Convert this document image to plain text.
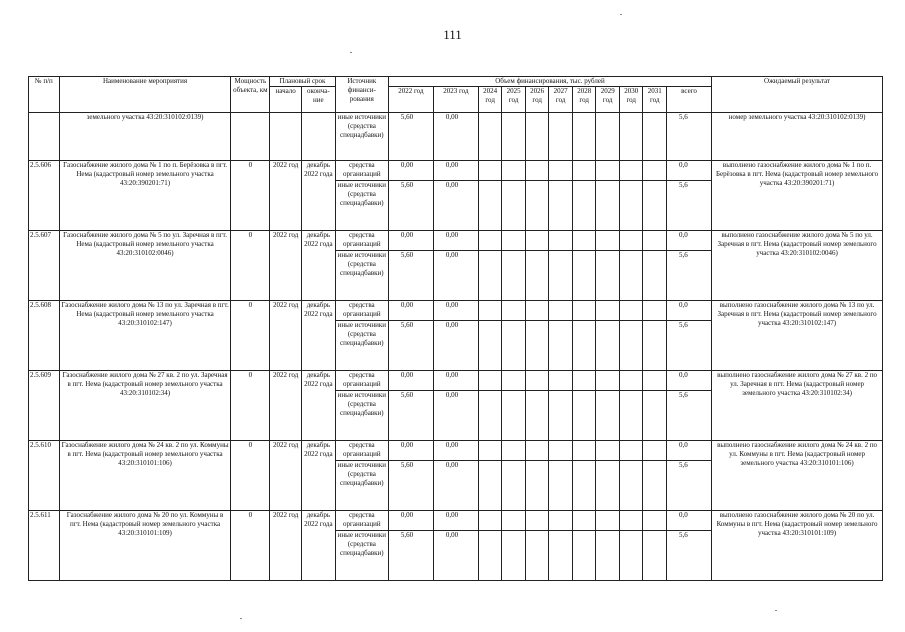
111
№ п/п	Наименование мероприятия	Мощность объекта, км	Плановый срок		Источник финанси-рования	Объем финансирования, тыс. рублей											Ожидаемый результат
			начало	оконча-ние		2022 год	2023 год	2024 год	2025 год	2026 год	2027 год	2028 год	2029 год	2030 год	2031 год	всего	
	земельного участка 43:20:310102:0139)				иные источники (средства спецнадбавки)	5,60	0,00									5,6	номер земельного участка 43:20:310102:0139)
2.5.606	Газоснабжение жилого дома № 1 по п. Берёзовка в пгт. Нема (кадастровый номер земельного участка 43:20:390201:71)	0	2022 год	декабрь 2022 года	средства организаций	0,00	0,00									0,0	выполнено газоснабжение жилого дома № 1 по п. Берёзовка в пгт. Нема (кадастровый номер земельного участка 43:20:390201:71)
					иные источники (средства спецнадбавки)	5,60	0,00									5,6	
2.5.607	Газоснабжение жилого дома № 5 по ул. Заречная в пгт. Нема (кадастровый номер земельного участка 43:20:310102:0046)	0	2022 год	декабрь 2022 года	средства организаций	0,00	0,00									0,0	выполнено газоснабжение жилого дома № 5 по ул. Заречная в пгт. Нема (кадастровый номер земельного участка 43:20:310102:0046)
					иные источники (средства спецнадбавки)	5,60	0,00									5,6	
2.5.608	Газоснабжение жилого дома № 13 по ул. Заречная в пгт. Нема (кадастровый номер земельного участка 43:20:310102:147)	0	2022 год	декабрь 2022 года	средства организаций	0,00	0,00									0,0	выполнено газоснабжение жилого дома № 13 по ул. Заречная в пгт. Нема (кадастровый номер земельного участка 43:20:310102:147)
					иные источники (средства спецнадбавки)	5,60	0,00									5,6	
2.5.609	Газоснабжение жилого дома № 27 кв. 2 по ул. Заречная в пгт. Нема (кадастровый номер земельного участка 43:20:310102:34)	0	2022 год	декабрь 2022 года	средства организаций	0,00	0,00									0,0	выполнено газоснабжение жилого дома № 27 кв. 2 по ул. Заречная в пгт. Нема (кадастровый номер земельного участка 43:20:310102:34)
					иные источники (средства спецнадбавки)	5,60	0,00									5,6	
2.5.610	Газоснабжение жилого дома № 24 кв. 2 по ул. Коммуны в пгт. Нема (кадастровый номер земельного участка 43:20:310101:106)	0	2022 год	декабрь 2022 года	средства организаций	0,00	0,00									0,0	выполнено газоснабжение жилого дома № 24 кв. 2 по ул. Коммуны в пгт. Нема (кадастровый номер земельного участка 43:20:310101:106)
					иные источники (средства спецнадбавки)	5,60	0,00									5,6	
2.5.611	Газоснабжение жилого дома № 20 по ул. Коммуны в пгт. Нема (кадастровый номер земельного участка 43:20:310101:109)	0	2022 год	декабрь 2022 года	средства организаций	0,00	0,00									0,0	выполнено газоснабжение жилого дома № 20 по ул. Коммуны в пгт. Нема (кадастровый номер земельного участка 43:20:310101:109)
					иные источники (средства спецнадбавки)	5,60	0,00									5,6	
